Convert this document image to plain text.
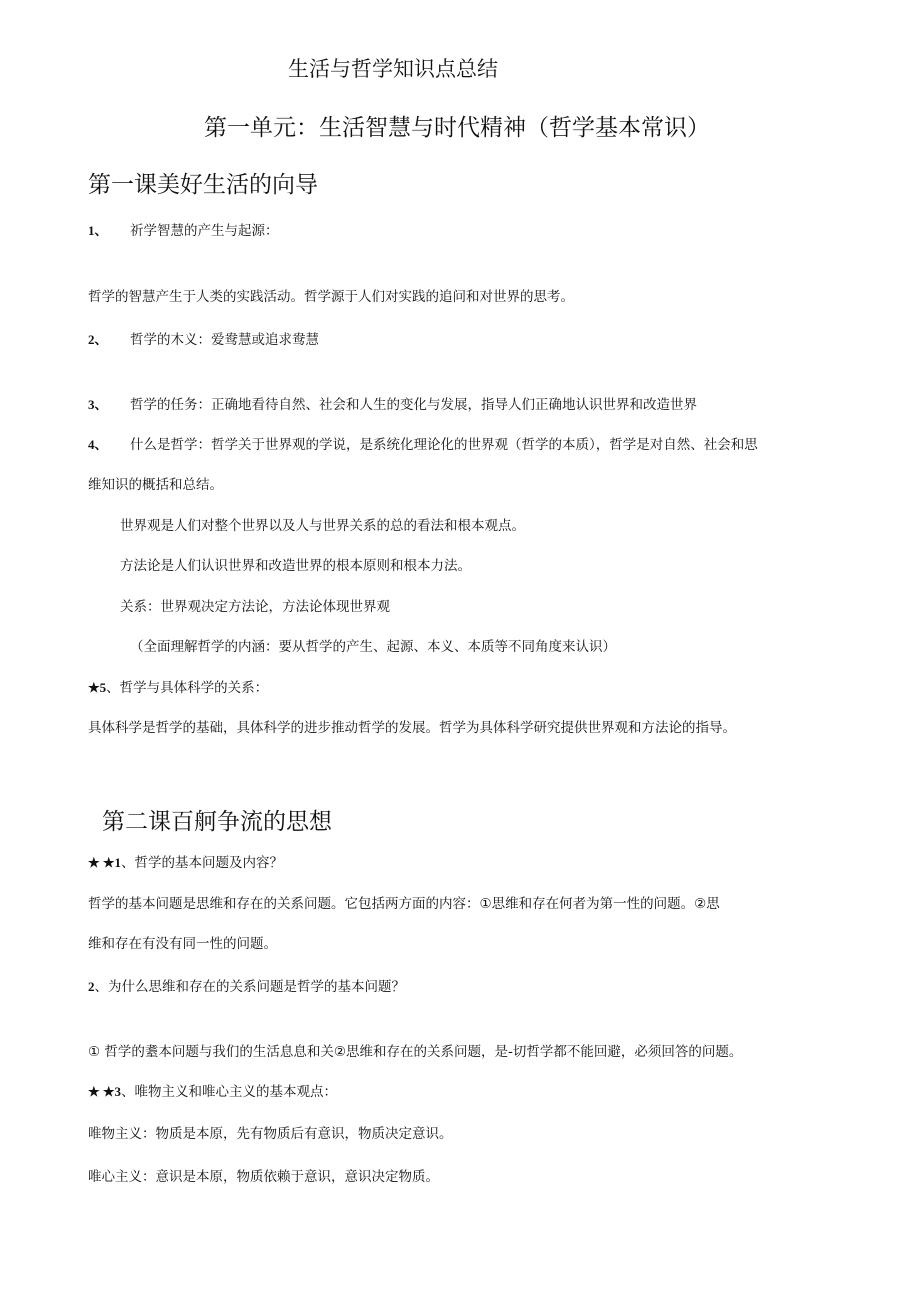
生活与哲学知识点总结
第一单元：生活智慧与时代精神（哲学基本常识）
第一课美好生活的向导
1、 祈学智慧的产生与起源：
哲学的智慧产生于人类的实践活动。哲学源于人们对实践的追问和对世界的思考。
2、 哲学的木义：爱鸯慧或追求鸯慧
3、 哲学的任务：正确地看待自然、社会和人生的变化与发展，指导人们正确地认识世界和改造世界
4、 什么是哲学：哲学关于世界观的学说，是系统化理论化的世界观（哲学的本质），哲学是对自然、社会和思
维知识的概括和总结。
世界观是人们对整个世界以及人与世界关系的总的看法和根本观点。
方法论是人们认识世界和改造世界的根本原则和根本力法。
关系：世界观决定方法论，方法论体现世界观
（全面理解哲学的内涵：要从哲学的产生、起源、本义、本质等不同角度来认识）
★5、哲学与具体科学的关系：
具体科学是哲学的基础，具体科学的进步推动哲学的发展。哲学为具体科学研究提供世界观和方法论的指导。
第二课百舸争流的思想
★ ★1、哲学的基本问题及内容？
哲学的基本问题是思维和存在的关系问题。它包括两方面的内容：①思维和存在何者为第一性的问题。②思
维和存在有没有同一性的问题。
2、为什么思维和存在的关系问题是哲学的基本问题？
① 哲学的耋本问题与我们的生活息息和关②思维和存在的关系问题，是-切哲学都不能回避，必须回答的问题。
★ ★3、唯物主义和唯心主义的基本观点：
唯物主义：物质是本原，先有物质后有意识，物质决定意识。
唯心主义：意识是本原，物质依赖于意识，意识决定物质。
